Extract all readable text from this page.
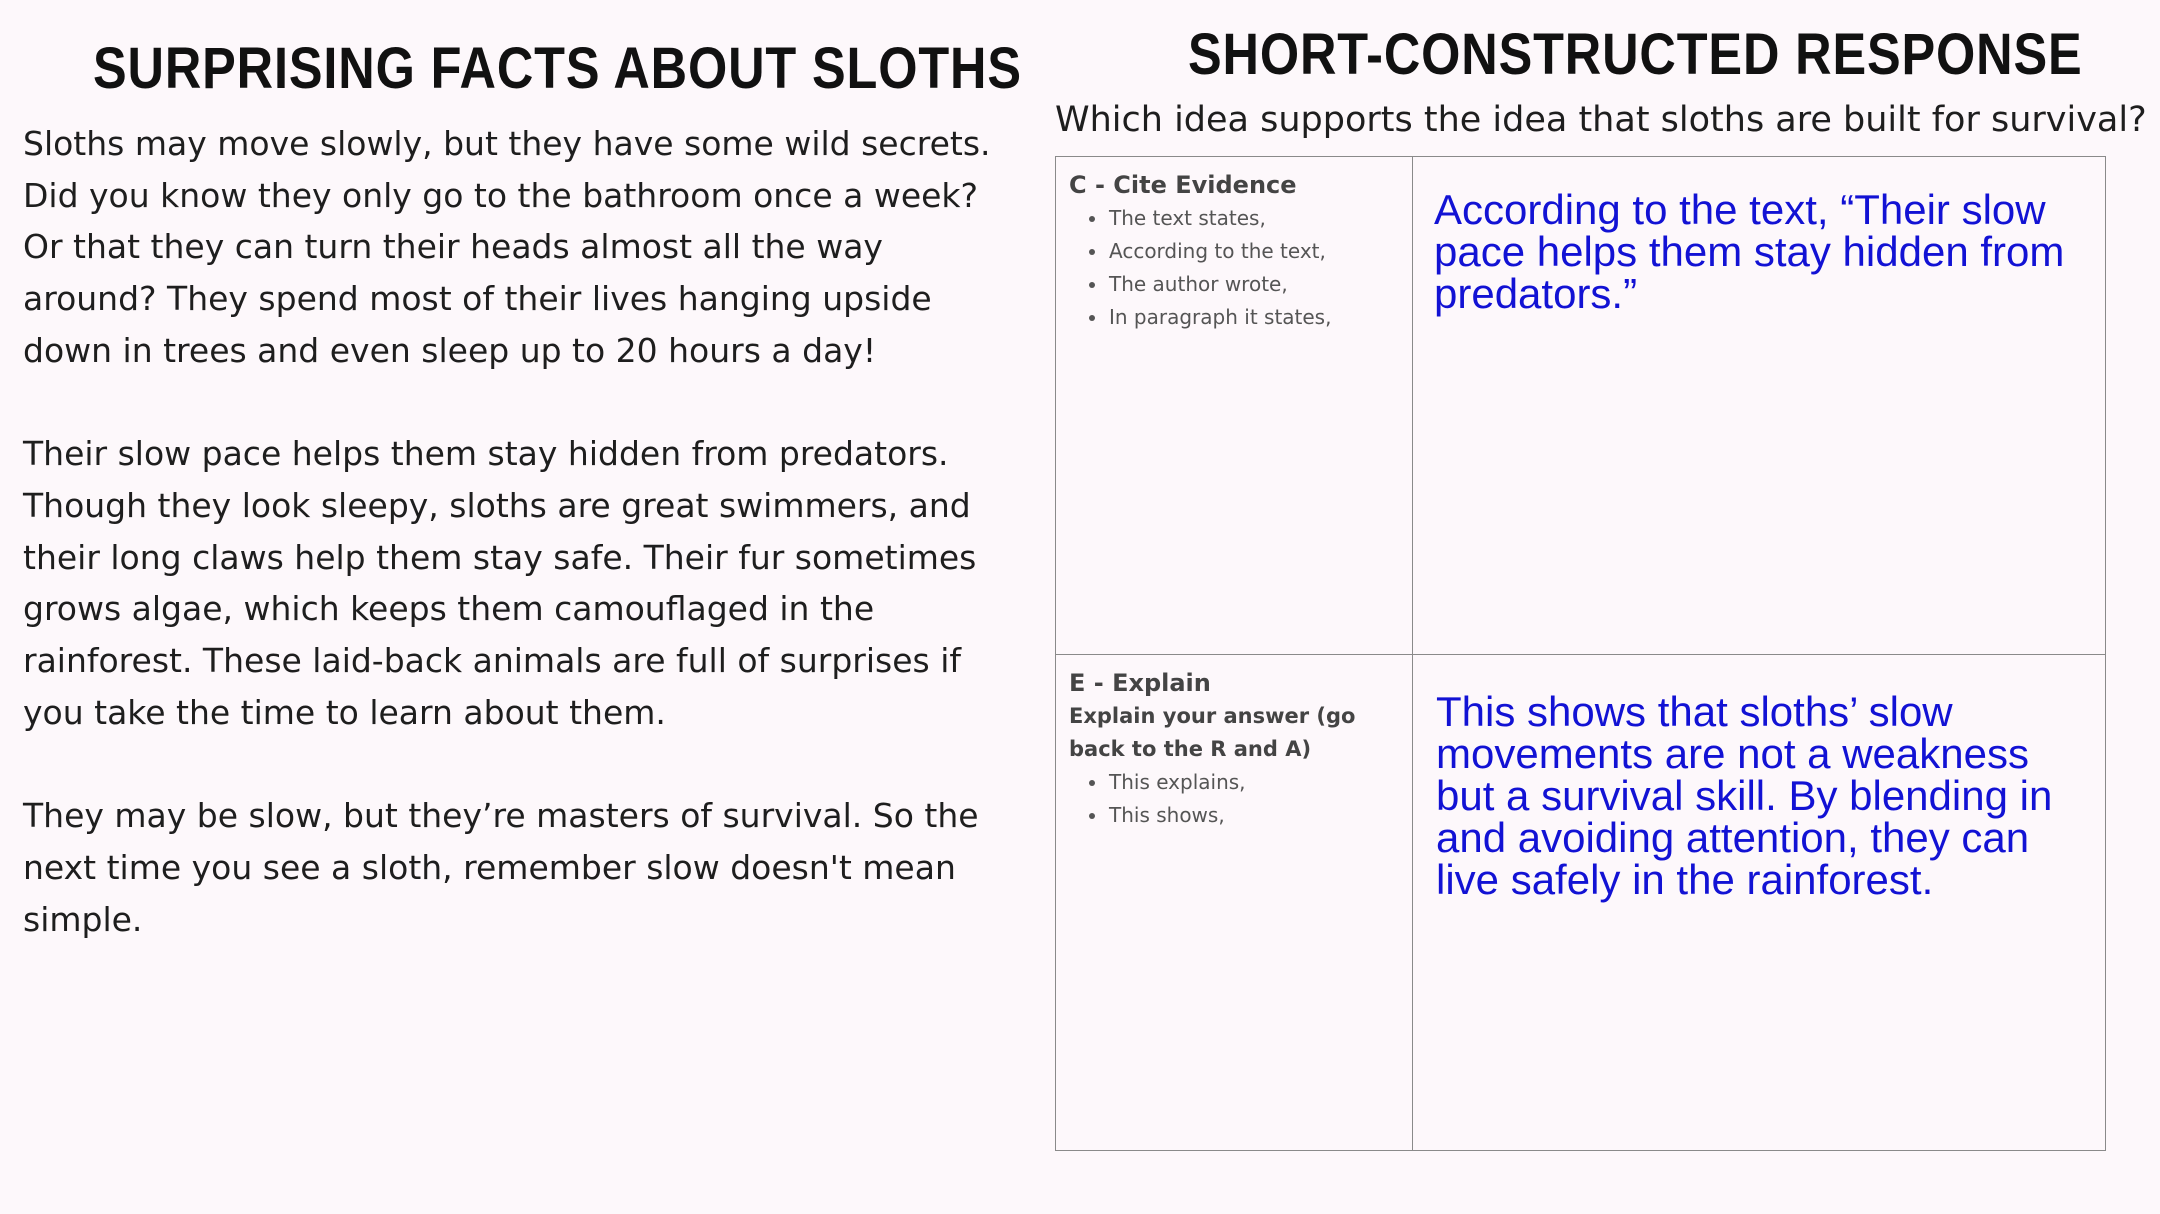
SURPRISING FACTS ABOUT SLOTHS

Sloths may move slowly, but they have some wild secrets. Did you know they only go to the bathroom once a week? Or that they can turn their heads almost all the way around? They spend most of their lives hanging upside down in trees and even sleep up to 20 hours a day!

Their slow pace helps them stay hidden from predators. Though they look sleepy, sloths are great swimmers, and their long claws help them stay safe. Their fur sometimes grows algae, which keeps them camouflaged in the rainforest. These laid-back animals are full of surprises if you take the time to learn about them.

They may be slow, but they’re masters of survival. So the next time you see a sloth, remember slow doesn't mean simple.

SHORT-CONSTRUCTED RESPONSE
Which idea supports the idea that sloths are built for survival?
C - Cite Evidence
The text states,
According to the text,
The author wrote,
In paragraph it states,
According to the text, “Their slow pace helps them stay hidden from predators.”
E - Explain
Explain your answer (go back to the R and A)
This explains,
This shows,
This shows that sloths’ slow movements are not a weakness but a survival skill. By blending in and avoiding attention, they can live safely in the rainforest.
